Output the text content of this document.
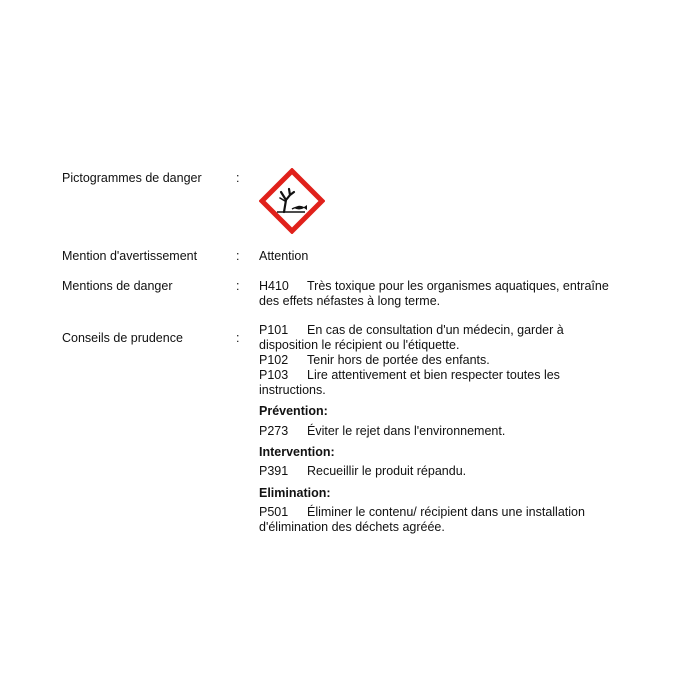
Pictogrammes de danger	:
Mention d'avertissement	: Attention
Mentions de danger	: H410 Très toxique pour les organismes aquatiques, entraîne
des effets néfastes à long terme.
Conseils de prudence	:
P101 En cas de consultation d'un médecin, garder à
disposition le récipient ou l'étiquette.
P102 Tenir hors de portée des enfants.
P103 Lire attentivement et bien respecter toutes les
instructions.
Prévention:
P273 Éviter le rejet dans l'environnement.
Intervention:
P391 Recueillir le produit répandu.
Elimination:
P501 Éliminer le contenu/ récipient dans une installation
d'élimination des déchets agréée.
